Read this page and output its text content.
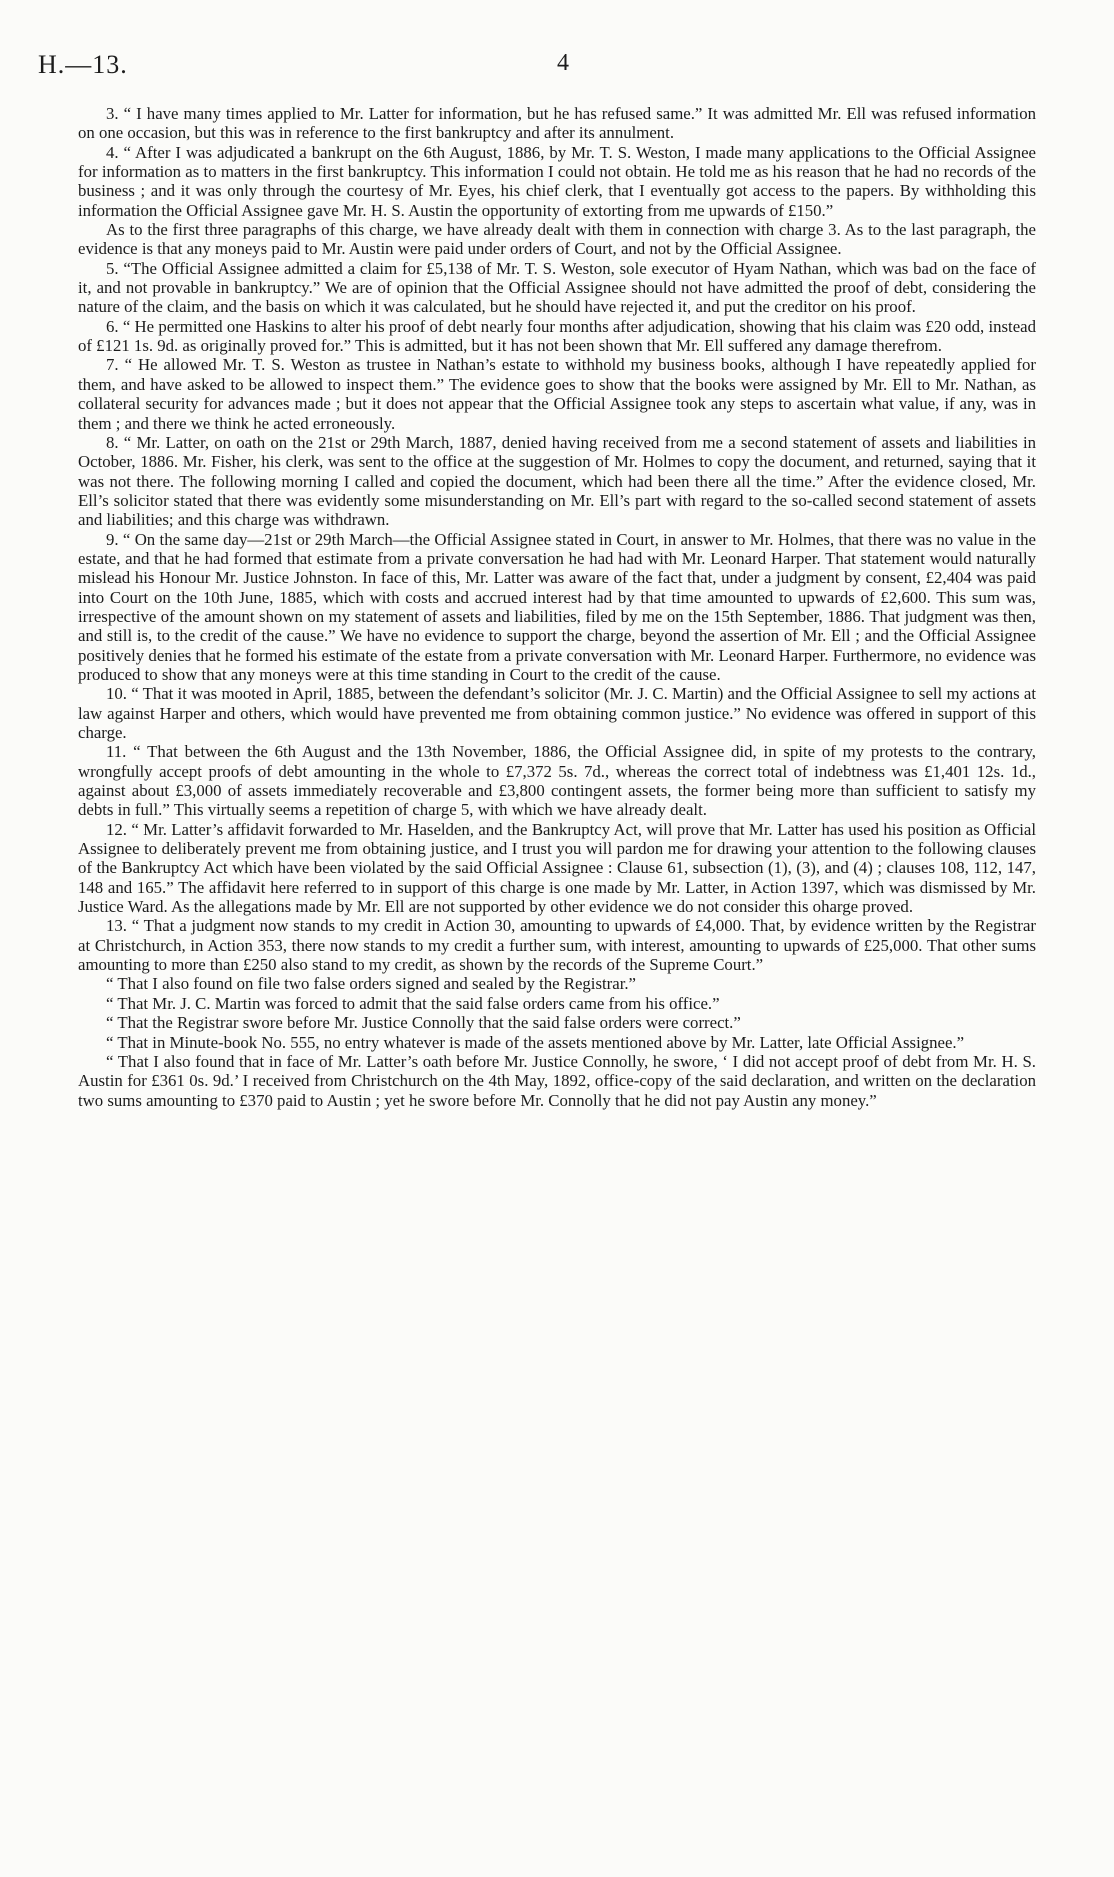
H.—13.	4

3. “ I have many times applied to Mr. Latter for information, but he has refused same.” It was admitted Mr. Ell was refused information on one occasion, but this was in reference to the first bankruptcy and after its annulment.

4. “ After I was adjudicated a bankrupt on the 6th August, 1886, by Mr. T. S. Weston, I made many applications to the Official Assignee for information as to matters in the first bankruptcy. This information I could not obtain. He told me as his reason that he had no records of the business ; and it was only through the courtesy of Mr. Eyes, his chief clerk, that I eventually got access to the papers. By withholding this information the Official Assignee gave Mr. H. S. Austin the opportunity of extorting from me upwards of £150.”

As to the first three paragraphs of this charge, we have already dealt with them in connection with charge 3. As to the last paragraph, the evidence is that any moneys paid to Mr. Austin were paid under orders of Court, and not by the Official Assignee.

5. “The Official Assignee admitted a claim for £5,138 of Mr. T. S. Weston, sole executor of Hyam Nathan, which was bad on the face of it, and not provable in bankruptcy.” We are of opinion that the Official Assignee should not have admitted the proof of debt, considering the nature of the claim, and the basis on which it was calculated, but he should have rejected it, and put the creditor on his proof.

6. “ He permitted one Haskins to alter his proof of debt nearly four months after adjudication, showing that his claim was £20 odd, instead of £121 1s. 9d. as originally proved for.” This is admitted, but it has not been shown that Mr. Ell suffered any damage therefrom.

7. “ He allowed Mr. T. S. Weston as trustee in Nathan’s estate to withhold my business books, although I have repeatedly applied for them, and have asked to be allowed to inspect them.” The evidence goes to show that the books were assigned by Mr. Ell to Mr. Nathan, as collateral security for advances made ; but it does not appear that the Official Assignee took any steps to ascertain what value, if any, was in them ; and there we think he acted erroneously.

8. “ Mr. Latter, on oath on the 21st or 29th March, 1887, denied having received from me a second statement of assets and liabilities in October, 1886. Mr. Fisher, his clerk, was sent to the office at the suggestion of Mr. Holmes to copy the document, and returned, saying that it was not there. The following morning I called and copied the document, which had been there all the time.” After the evidence closed, Mr. Ell’s solicitor stated that there was evidently some misunderstanding on Mr. Ell’s part with regard to the so-called second statement of assets and liabilities; and this charge was withdrawn.

9. “ On the same day—21st or 29th March—the Official Assignee stated in Court, in answer to Mr. Holmes, that there was no value in the estate, and that he had formed that estimate from a private conversation he had had with Mr. Leonard Harper. That statement would naturally mislead his Honour Mr. Justice Johnston. In face of this, Mr. Latter was aware of the fact that, under a judgment by consent, £2,404 was paid into Court on the 10th June, 1885, which with costs and accrued interest had by that time amounted to upwards of £2,600. This sum was, irrespective of the amount shown on my statement of assets and liabilities, filed by me on the 15th September, 1886. That judgment was then, and still is, to the credit of the cause.” We have no evidence to support the charge, beyond the assertion of Mr. Ell ; and the Official Assignee positively denies that he formed his estimate of the estate from a private conversation with Mr. Leonard Harper. Furthermore, no evidence was produced to show that any moneys were at this time standing in Court to the credit of the cause.

10. “ That it was mooted in April, 1885, between the defendant’s solicitor (Mr. J. C. Martin) and the Official Assignee to sell my actions at law against Harper and others, which would have prevented me from obtaining common justice.” No evidence was offered in support of this charge.

11. “ That between the 6th August and the 13th November, 1886, the Official Assignee did, in spite of my protests to the contrary, wrongfully accept proofs of debt amounting in the whole to £7,372 5s. 7d., whereas the correct total of indebtness was £1,401 12s. 1d., against about £3,000 of assets immediately recoverable and £3,800 contingent assets, the former being more than sufficient to satisfy my debts in full.” This virtually seems a repetition of charge 5, with which we have already dealt.

12. “ Mr. Latter’s affidavit forwarded to Mr. Haselden, and the Bankruptcy Act, will prove that Mr. Latter has used his position as Official Assignee to deliberately prevent me from obtaining justice, and I trust you will pardon me for drawing your attention to the following clauses of the Bankruptcy Act which have been violated by the said Official Assignee : Clause 61, subsection (1), (3), and (4) ; clauses 108, 112, 147, 148 and 165.” The affidavit here referred to in support of this charge is one made by Mr. Latter, in Action 1397, which was dismissed by Mr. Justice Ward. As the allegations made by Mr. Ell are not supported by other evidence we do not consider this oharge proved.

13. “ That a judgment now stands to my credit in Action 30, amounting to upwards of £4,000. That, by evidence written by the Registrar at Christchurch, in Action 353, there now stands to my credit a further sum, with interest, amounting to upwards of £25,000. That other sums amounting to more than £250 also stand to my credit, as shown by the records of the Supreme Court.”

“ That I also found on file two false orders signed and sealed by the Registrar.”

“ That Mr. J. C. Martin was forced to admit that the said false orders came from his office.”

“ That the Registrar swore before Mr. Justice Connolly that the said false orders were correct.”

“ That in Minute-book No. 555, no entry whatever is made of the assets mentioned above by Mr. Latter, late Official Assignee.”

“ That I also found that in face of Mr. Latter’s oath before Mr. Justice Connolly, he swore, ‘ I did not accept proof of debt from Mr. H. S. Austin for £361 0s. 9d.’ I received from Christchurch on the 4th May, 1892, office-copy of the said declaration, and written on the declaration two sums amounting to £370 paid to Austin ; yet he swore before Mr. Connolly that he did not pay Austin any money.”
